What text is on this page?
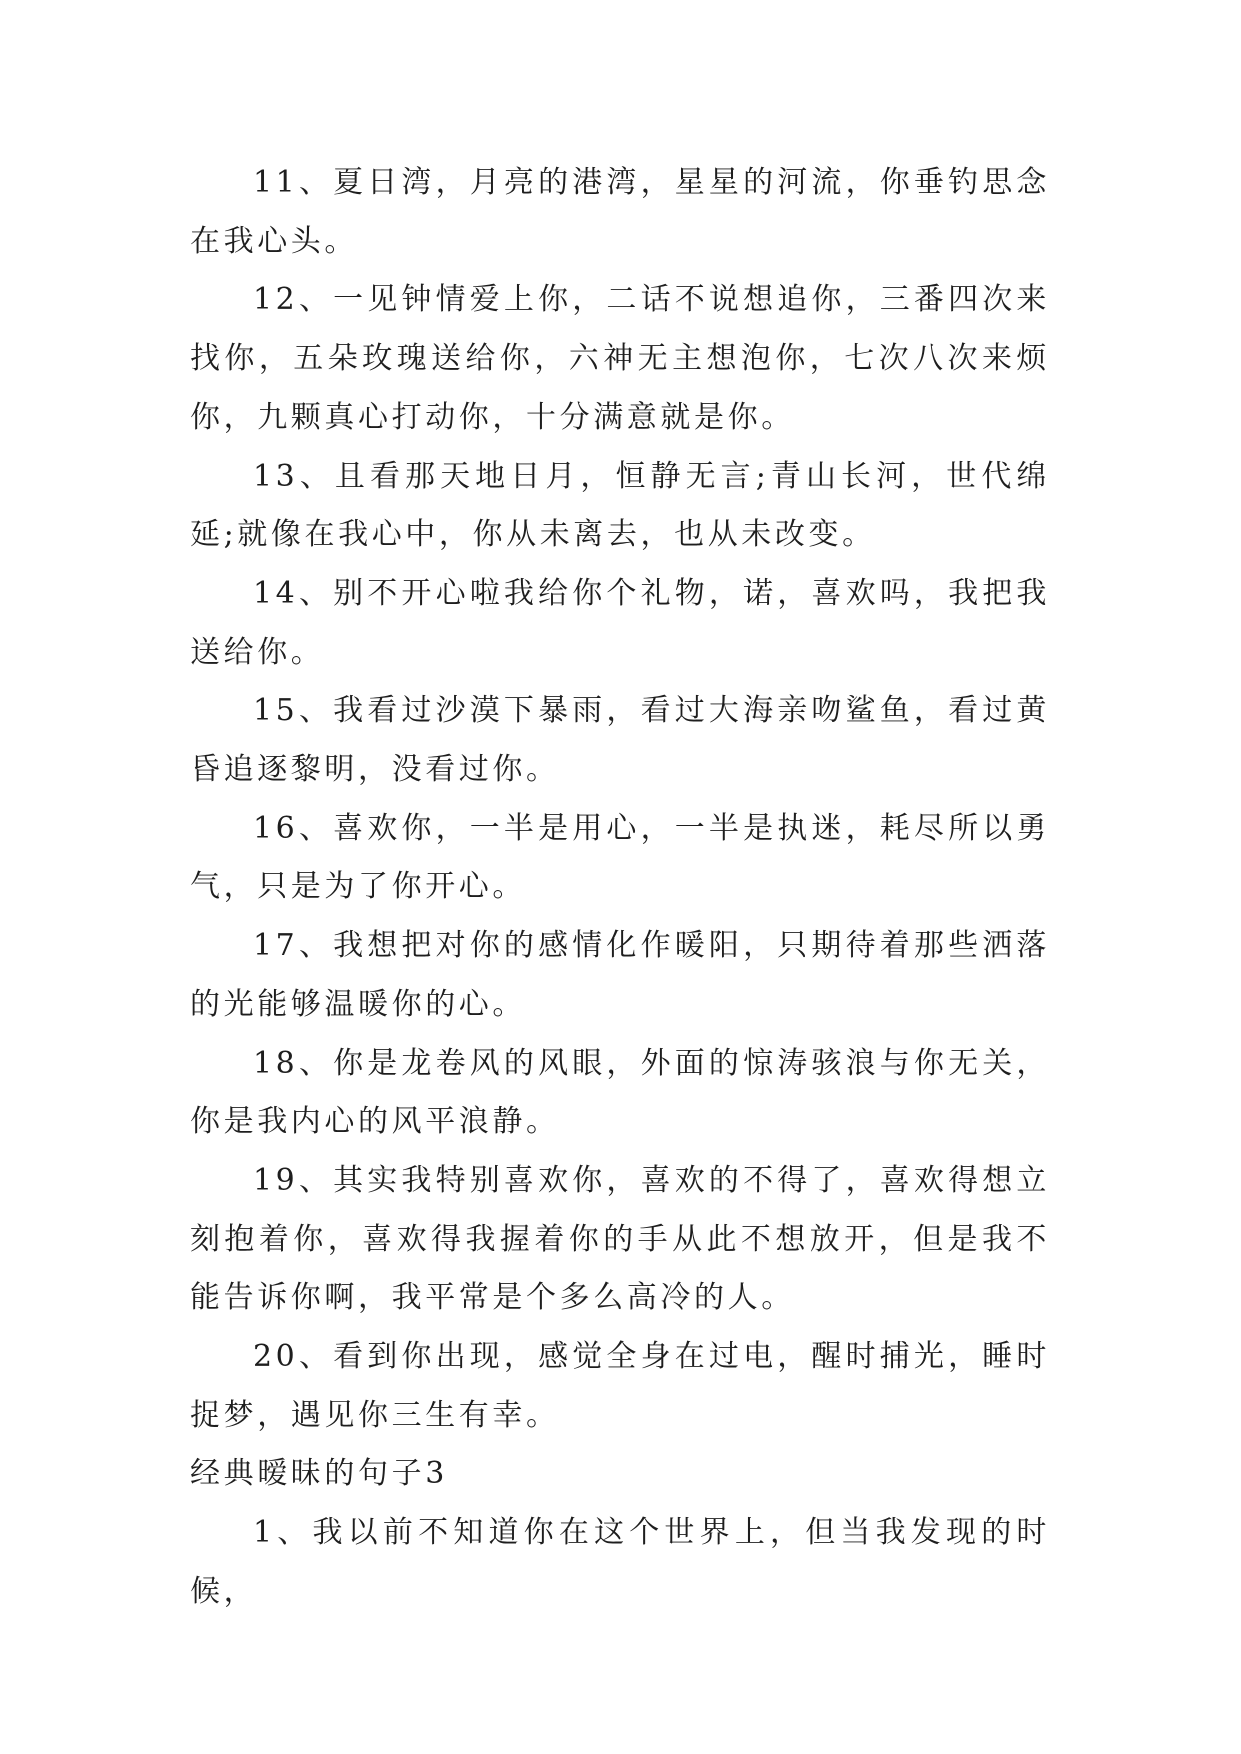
11、夏日湾，月亮的港湾，星星的河流，你垂钓思念在我心头。

12、一见钟情爱上你，二话不说想追你，三番四次来找你，五朵玫瑰送给你，六神无主想泡你，七次八次来烦你，九颗真心打动你，十分满意就是你。

13、且看那天地日月，恒静无言;青山长河，世代绵延;就像在我心中，你从未离去，也从未改变。

14、别不开心啦我给你个礼物，诺，喜欢吗，我把我送给你。

15、我看过沙漠下暴雨，看过大海亲吻鲨鱼，看过黄昏追逐黎明，没看过你。

16、喜欢你，一半是用心，一半是执迷，耗尽所以勇气，只是为了你开心。

17、我想把对你的感情化作暖阳，只期待着那些洒落的光能够温暖你的心。

18、你是龙卷风的风眼，外面的惊涛骇浪与你无关，你是我内心的风平浪静。

19、其实我特别喜欢你，喜欢的不得了，喜欢得想立刻抱着你，喜欢得我握着你的手从此不想放开，但是我不能告诉你啊，我平常是个多么高冷的人。

20、看到你出现，感觉全身在过电，醒时捕光，睡时捉梦，遇见你三生有幸。

经典暧昧的句子3

1、我以前不知道你在这个世界上，但当我发现的时候，
